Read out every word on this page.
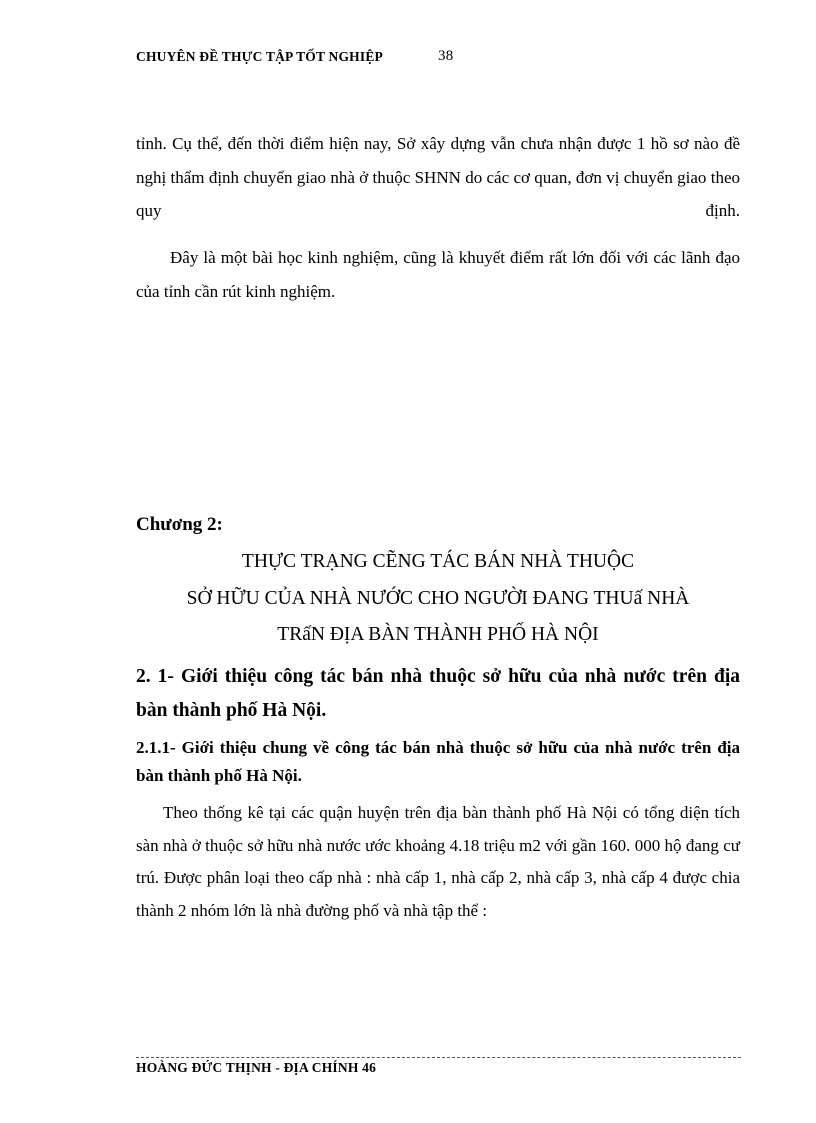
CHUYÊN ĐỀ THỰC TẬP TỐT NGHIỆP	38

tỉnh. Cụ thể, đến thời điểm hiện nay, Sở xây dựng vẫn chưa nhận được 1 hồ sơ nào đề nghị thẩm định chuyển giao nhà ở thuộc SHNN do các cơ quan, đơn vị chuyển giao theo quy định.

Đây là một bài học kinh nghiệm, cũng là khuyết điểm rất lớn đối với các lãnh đạo của tỉnh cần rút kinh nghiệm.

Chương 2:
THỰC TRẠNG CẼNG TÁC BÁN NHÀ THUỘC
SỞ HỮU CỦA NHÀ NƯỚC CHO NGƯỜI ĐANG THUấ NHÀ
TRấN ĐỊA BÀN THÀNH PHỐ HÀ NỘI

2. 1- Giới thiệu công tác bán nhà thuộc sở hữu của nhà nước trên địa bàn thành phố Hà Nội.

2.1.1- Giới thiệu chung về công tác bán nhà thuộc sở hữu của nhà nước trên địa bàn thành phố Hà Nội.

Theo thống kê tại các quận huyện trên địa bàn thành phố Hà Nội có tổng diện tích sàn nhà ở thuộc sở hữu nhà nước ước khoảng 4.18 triệu m2 với gần 160. 000 hộ đang cư trú. Được phân loại theo cấp nhà : nhà cấp 1, nhà cấp 2, nhà cấp 3, nhà cấp 4 được chia thành 2 nhóm lớn là nhà đường phố và nhà tập thể :

HOÀNG ĐỨC THỊNH - ĐỊA CHÍNH 46
